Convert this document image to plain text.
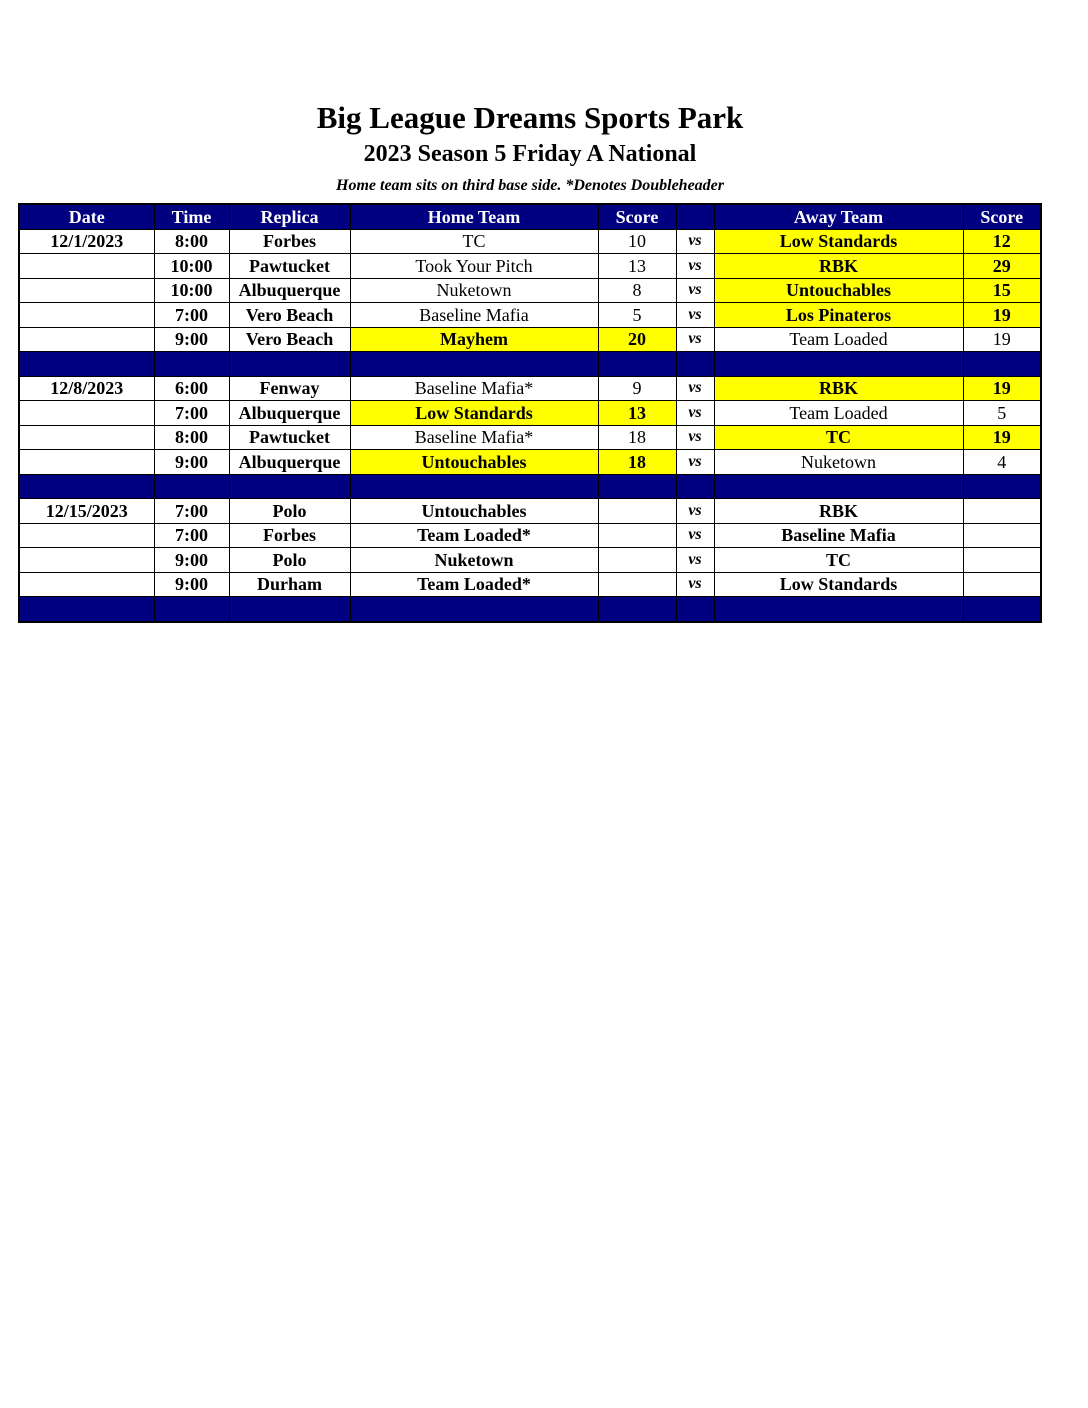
Big League Dreams Sports Park
2023 Season 5 Friday A National
Home team sits on third base side. *Denotes Doubleheader
Date	Time	Replica	Home Team	Score		Away Team	Score
12/1/2023	8:00	Forbes	TC	10	vs	Low Standards	12
	10:00	Pawtucket	Took Your Pitch	13	vs	RBK	29
	10:00	Albuquerque	Nuketown	8	vs	Untouchables	15
	7:00	Vero Beach	Baseline Mafia	5	vs	Los Pinateros	19
	9:00	Vero Beach	Mayhem	20	vs	Team Loaded	19

12/8/2023	6:00	Fenway	Baseline Mafia*	9	vs	RBK	19
	7:00	Albuquerque	Low Standards	13	vs	Team Loaded	5
	8:00	Pawtucket	Baseline Mafia*	18	vs	TC	19
	9:00	Albuquerque	Untouchables	18	vs	Nuketown	4

12/15/2023	7:00	Polo	Untouchables		vs	RBK	
	7:00	Forbes	Team Loaded*		vs	Baseline Mafia	
	9:00	Polo	Nuketown		vs	TC	
	9:00	Durham	Team Loaded*		vs	Low Standards	
